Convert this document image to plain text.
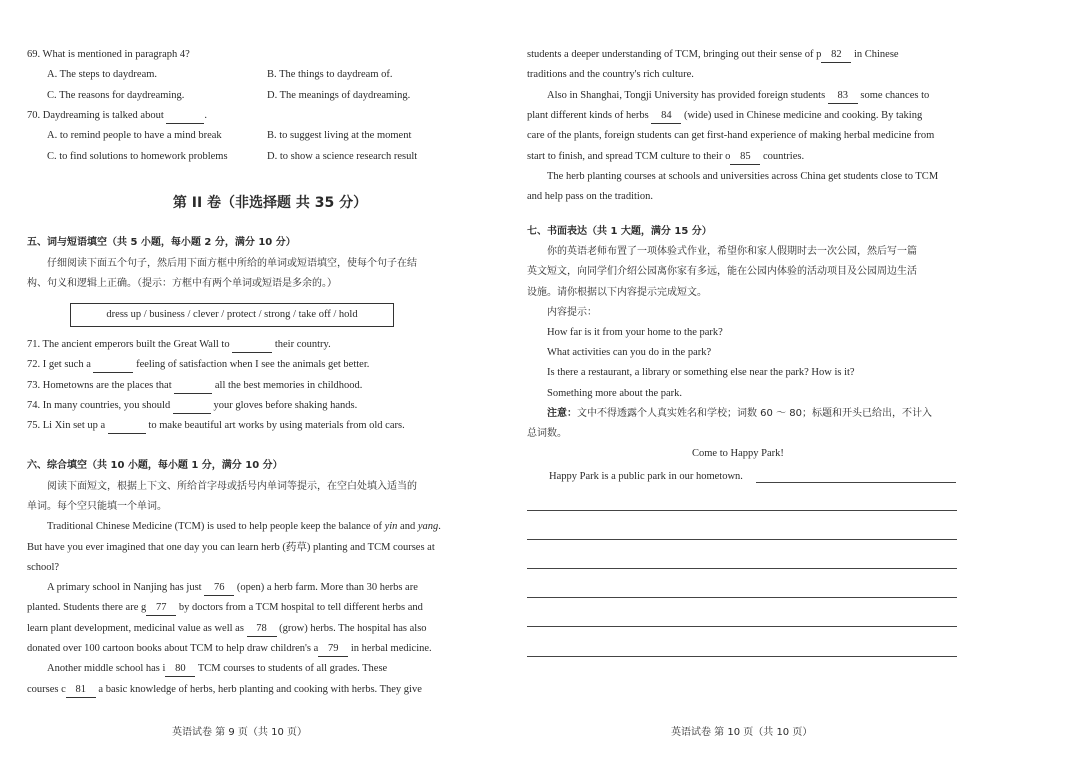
69. What is mentioned in paragraph 4?
A. The steps to daydream.	B. The things to daydream of.
C. The reasons for daydreaming.	D. The meanings of daydreaming.
70. Daydreaming is talked about	.
A. to remind people to have a mind break	B. to suggest living at the moment
C. to find solutions to homework problems	D. to show a science research result
第 II 卷（非选择题 共 35 分）
五、词与短语填空（共 5 小题，每小题 2 分，满分 10 分）
仔细阅读下面五个句子，然后用下面方框中所给的单词或短语填空，使每个句子在结
构、句义和逻辑上正确。（提示：方框中有两个单词或短语是多余的。）
dress up / business / clever / protect / strong / take off / hold
71. The ancient emperors built the Great Wall to	their country.
72. I get such a	feeling of satisfaction when I see the animals get better.
73. Hometowns are the places that	all the best memories in childhood.
74. In many countries, you should	your gloves before shaking hands.
75. Li Xin set up a	to make beautiful art works by using materials from old cars.
六、综合填空（共 10 小题，每小题 1 分，满分 10 分）
阅读下面短文，根据上下文、所给首字母或括号内单词等提示，在空白处填入适当的
单词。每个空只能填一个单词。
Traditional Chinese Medicine (TCM) is used to help people keep the balance of yin and yang.
But have you ever imagined that one day you can learn herb (药草) planting and TCM courses at
school?
A primary school in Nanjing has just 76 (open) a herb farm. More than 30 herbs are
planted. Students there are g 77 by doctors from a TCM hospital to tell different herbs and
learn plant development, medicinal value as well as 78 (grow) herbs. The hospital has also
donated over 100 cartoon books about TCM to help draw children's a 79 in herbal medicine.
Another middle school has i 80 TCM courses to students of all grades. These
courses c 81 a basic knowledge of herbs, herb planting and cooking with herbs. They give
英语试卷 第 9 页（共 10 页）
students a deeper understanding of TCM, bringing out their sense of p 82 in Chinese
traditions and the country's rich culture.
Also in Shanghai, Tongji University has provided foreign students 83 some chances to
plant different kinds of herbs 84 (wide) used in Chinese medicine and cooking. By taking
care of the plants, foreign students can get first-hand experience of making herbal medicine from
start to finish, and spread TCM culture to their o 85 countries.
The herb planting courses at schools and universities across China get students close to TCM
and help pass on the tradition.
七、书面表达（共 1 大题，满分 15 分）
你的英语老师布置了一项体验式作业，希望你和家人假期时去一次公园，然后写一篇
英文短文，向同学们介绍公园离你家有多远，能在公园内体验的活动项目及公园周边生活
设施。请你根据以下内容提示完成短文。
内容提示：
How far is it from your home to the park?
What activities can you do in the park?
Is there a restaurant, a library or something else near the park? How is it?
Something more about the park.
注意：文中不得透露个人真实姓名和学校；词数 60 ～ 80；标题和开头已给出，不计入
总词数。
Come to Happy Park!
Happy Park is a public park in our hometown.
英语试卷 第 10 页（共 10 页）
